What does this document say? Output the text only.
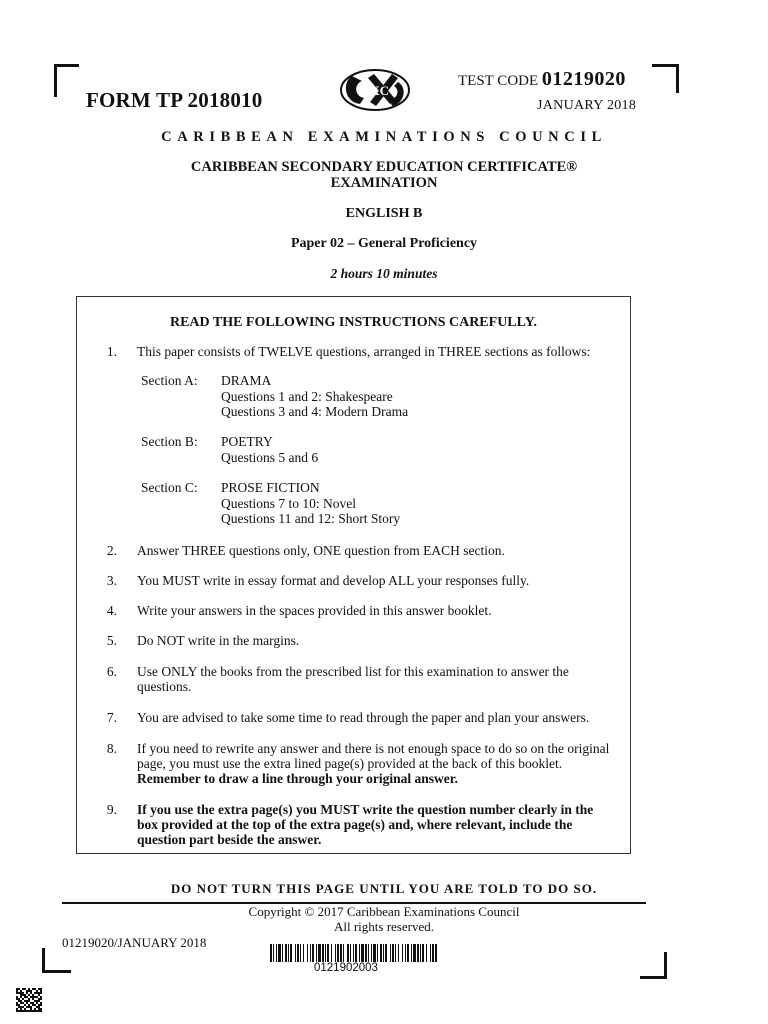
FORM TP 2018010	CXC
TEST CODE 01219020
JANUARY 2018
CARIBBEAN EXAMINATIONS COUNCIL
CARIBBEAN SECONDARY EDUCATION CERTIFICATE®
EXAMINATION
ENGLISH B
Paper 02 – General Proficiency
2 hours 10 minutes
READ THE FOLLOWING INSTRUCTIONS CAREFULLY.
1. This paper consists of TWELVE questions, arranged in THREE sections as follows:
Section A:	DRAMA
Questions 1 and 2: Shakespeare
Questions 3 and 4: Modern Drama
Section B:	POETRY
Questions 5 and 6
Section C:	PROSE FICTION
Questions 7 to 10: Novel
Questions 11 and 12: Short Story
2. Answer THREE questions only, ONE question from EACH section.
3. You MUST write in essay format and develop ALL your responses fully.
4. Write your answers in the spaces provided in this answer booklet.
5. Do NOT write in the margins.
6. Use ONLY the books from the prescribed list for this examination to answer the questions.
7. You are advised to take some time to read through the paper and plan your answers.
8. If you need to rewrite any answer and there is not enough space to do so on the original page, you must use the extra lined page(s) provided at the back of this booklet. Remember to draw a line through your original answer.
9. If you use the extra page(s) you MUST write the question number clearly in the box provided at the top of the extra page(s) and, where relevant, include the question part beside the answer.
DO NOT TURN THIS PAGE UNTIL YOU ARE TOLD TO DO SO.
Copyright © 2017 Caribbean Examinations Council
All rights reserved.
01219020/JANUARY 2018
0121902003
